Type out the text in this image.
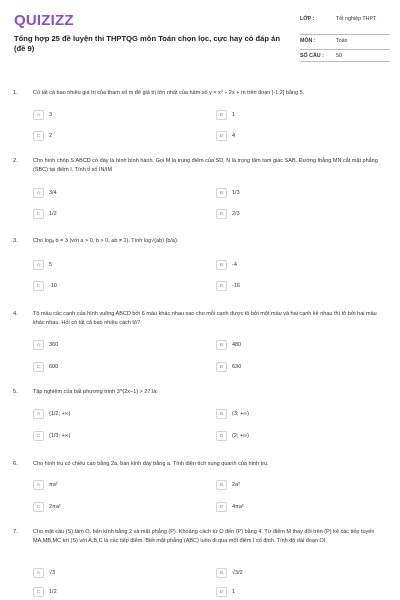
QUIZIZZ
Tổng hợp 25 đề luyện thi THPTQG môn Toán chọn lọc, cực hay có đáp án (đề 9)
LỚP :	Tốt nghiệp THPT
MÔN :	Toán
SỐ CÂU :	50
1.	Có tất cả bao nhiêu giá trị của tham số m để giá trị lớn nhất của hàm số y = x³ − 2x + m trên đoạn [-1;2] bằng 5.
A	3	B	1
C	2	D	4
2.	Cho hình chóp S.ABCD có đáy là hình bình hành. Gọi M là trung điểm của SD, N là trọng tâm tam giác SAB. Đường thẳng MN cắt mặt phẳng (SBC) tại điểm I. Tính tỉ số IN/IM
A	3/4	B	1/3
C	1/2	D	2/3
3.	Cho logₐ b = 3 (với a > 0, b > 0, ab ≠ 1). Tính log√(ab) (b/a).
A	5	B	-4
C	-10	D	-16
4.	Tô màu các cạnh của hình vuông ABCD bởi 6 màu khác nhau sao cho mỗi cạnh được tô bởi một màu và hai cạnh kề nhau thì tô bởi hai màu khác nhau. Hỏi có tất cả bao nhiêu cách tô?
A	360	B	480
C	600	D	630
5.	Tập nghiệm của bất phương trình 3^(2x−1) > 27 là:
A	(1/2; +∞)	B	(3; +∞)
C	(1/3; +∞)	D	(2; +∞)
6.	Cho hình trụ có chiều cao bằng 2a, bán kính đáy bằng a. Tính diện tích xung quanh của hình trụ.
A	πa²	B	2a²
C	2πa²	D	4πa²
7.	Cho mặt cầu (S) tâm O, bán kính bằng 2 và mặt phẳng (P). Khoảng cách từ O đến (P) bằng 4. Từ điểm M thay đổi trên (P) kẻ các tiếp tuyến MA,MB,MC tới (S) với A,B,C là các tiếp điểm. Biết mặt phẳng (ABC) luôn đi qua một điểm I cố định. Tính độ dài đoạn OI.
A	√3	B	√3/2
C	1/2	D	1
